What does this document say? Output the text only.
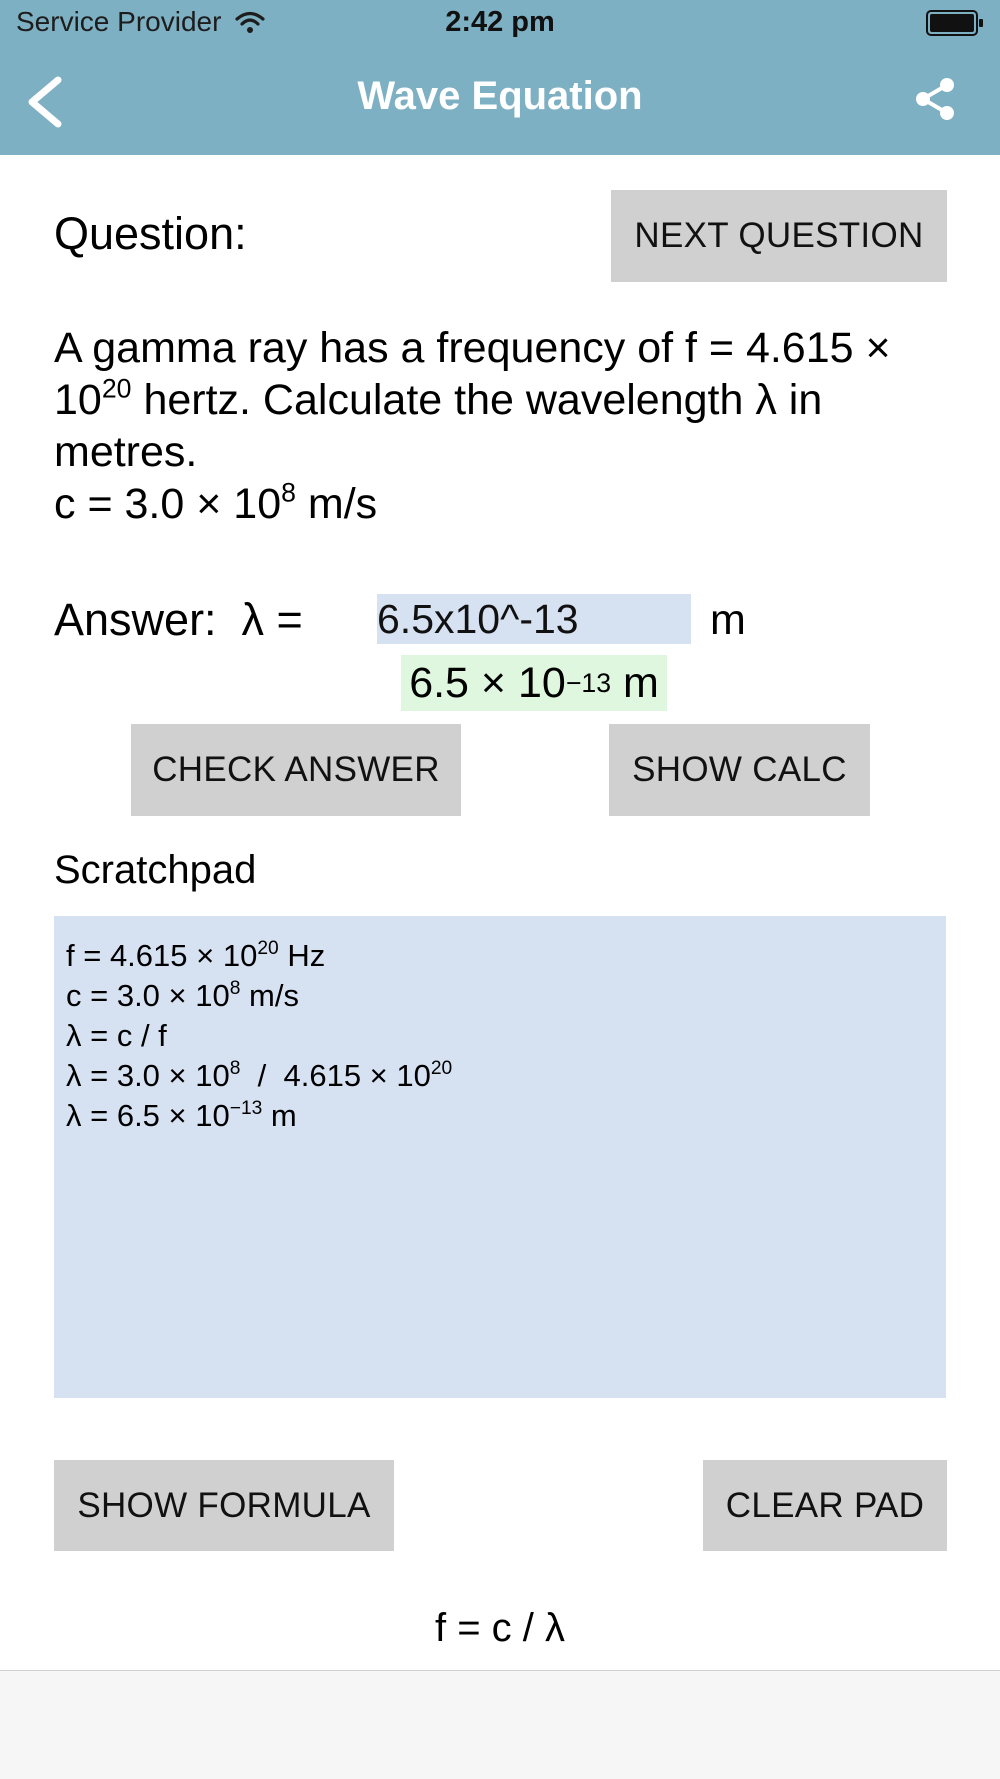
Service Provider	2:42 pm
Wave Equation
Question:	NEXT QUESTION
A gamma ray has a frequency of f = 4.615 ×
$10^{20}$ hertz. Calculate the wavelength λ in
metres.
$c = 3.0 \times 10^8$ m/s
Answer:  λ =
6.5x10^-13	m
6.5 × 10 −13 m
CHECK ANSWER	SHOW CALC
Scratchpad
$f = 4.615 \times 10^{20}$ Hz
$c = 3.0 \times 10^8$ m/s
λ = c / f
$\lambda = 3.0 \times 10^8 / 4.615 \times 10^{20}$
$\lambda = 6.5 \times 10^{-13}$ m
SHOW FORMULA	CLEAR PAD
f = c / λ
